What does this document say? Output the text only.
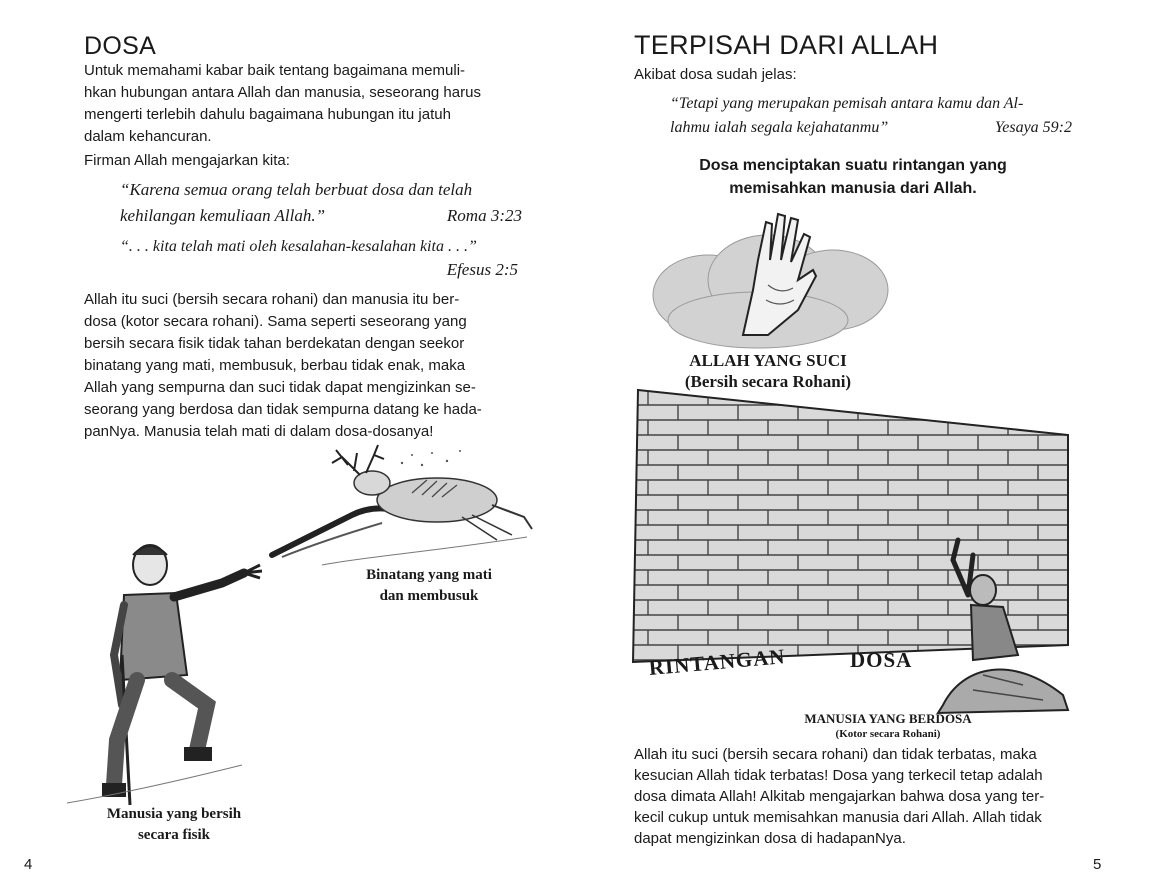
DOSA

Untuk memahami kabar baik tentang bagaimana memuli-

hkan hubungan antara Allah dan manusia, seseorang harus

mengerti terlebih dahulu bagaimana hubungan itu jatuh

dalam kehancuran.

Firman Allah mengajarkan kita:

“Karena semua orang telah berbuat dosa dan telah

kehilangan kemuliaan Allah.”	Roma 3:23

“. . . kita telah mati oleh kesalahan-kesalahan kita . . .”

Efesus 2:5

Allah itu suci (bersih secara rohani) dan manusia itu ber-

dosa (kotor secara rohani). Sama seperti seseorang yang

bersih secara fisik tidak tahan berdekatan dengan seekor

binatang yang mati, membusuk, berbau tidak enak, maka

Allah yang sempurna dan suci tidak dapat mengizinkan se-

seorang yang berdosa dan tidak sempurna datang ke hada-

panNya. Manusia telah mati di dalam dosa-dosanya!

Binatang yang mati
dan membusuk

Manusia yang bersih
secara fisik

4
TERPISAH DARI ALLAH

Akibat dosa sudah jelas:

“Tetapi yang merupakan pemisah antara kamu dan Al-

lahmu ialah segala kejahatanmu”	Yesaya 59:2

Dosa menciptakan suatu rintangan yang
memisahkan manusia dari Allah.

ALLAH YANG SUCI
(Bersih secara Rohani)

RINTANGAN	DOSA

MANUSIA YANG BERDOSA
(Kotor secara Rohani)

Allah itu suci (bersih secara rohani) dan tidak terbatas, maka

kesucian Allah tidak terbatas! Dosa yang terkecil tetap adalah

dosa dimata Allah! Alkitab mengajarkan bahwa dosa yang ter-

kecil cukup untuk memisahkan manusia dari Allah. Allah tidak

dapat mengizinkan dosa di hadapanNya.

5
